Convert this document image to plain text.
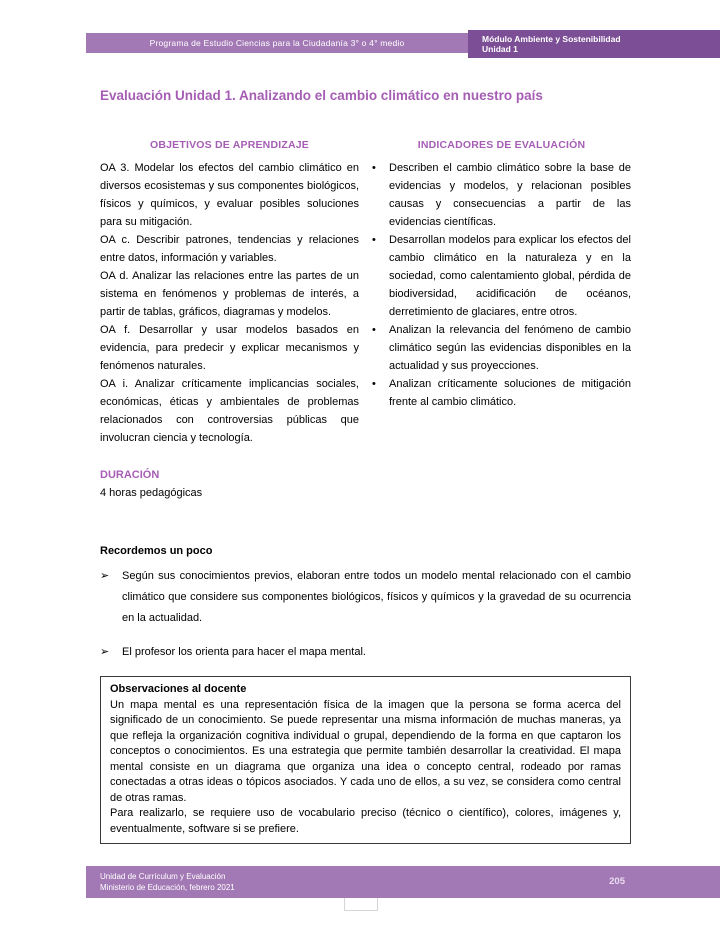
Programa de Estudio Ciencias para la Ciudadanía 3° o 4° medio	Módulo Ambiente y Sostenibilidad
Unidad 1
Evaluación Unidad 1. Analizando el cambio climático en nuestro país
OBJETIVOS DE APRENDIZAJE

OA 3. Modelar los efectos del cambio climático en diversos ecosistemas y sus componentes biológicos, físicos y químicos, y evaluar posibles soluciones para su mitigación.

OA c. Describir patrones, tendencias y relaciones entre datos, información y variables.

OA d. Analizar las relaciones entre las partes de un sistema en fenómenos y problemas de interés, a partir de tablas, gráficos, diagramas y modelos.

OA f. Desarrollar y usar modelos basados en evidencia, para predecir y explicar mecanismos y fenómenos naturales.

OA i. Analizar críticamente implicancias sociales, económicas, éticas y ambientales de problemas relacionados con controversias públicas que involucran ciencia y tecnología.

INDICADORES DE EVALUACIÓN
•	Describen el cambio climático sobre la base de evidencias y modelos, y relacionan posibles causas y consecuencias a partir de las evidencias científicas.

•	Desarrollan modelos para explicar los efectos del cambio climático en la naturaleza y en la sociedad, como calentamiento global, pérdida de biodiversidad, acidificación de océanos, derretimiento de glaciares, entre otros.

•	Analizan la relevancia del fenómeno de cambio climático según las evidencias disponibles en la actualidad y sus proyecciones.

•	Analizan críticamente soluciones de mitigación frente al cambio climático.

DURACIÓN

4 horas pedagógicas

Recordemos un poco
➢	Según sus conocimientos previos, elaboran entre todos un modelo mental relacionado con el cambio climático que considere sus componentes biológicos, físicos y químicos y la gravedad de su ocurrencia en la actualidad.

➢	El profesor los orienta para hacer el mapa mental.

Observaciones al docente

Un mapa mental es una representación física de la imagen que la persona se forma acerca del significado de un conocimiento. Se puede representar una misma información de muchas maneras, ya que refleja la organización cognitiva individual o grupal, dependiendo de la forma en que captaron los conceptos o conocimientos. Es una estrategia que permite también desarrollar la creatividad. El mapa mental consiste en un diagrama que organiza una idea o concepto central, rodeado por ramas conectadas a otras ideas o tópicos asociados. Y cada uno de ellos, a su vez, se considera como central de otras ramas.

Para realizarlo, se requiere uso de vocabulario preciso (técnico o científico), colores, imágenes y, eventualmente, software si se prefiere.

Unidad de Currículum y Evaluación
Ministerio de Educación, febrero 2021
205
